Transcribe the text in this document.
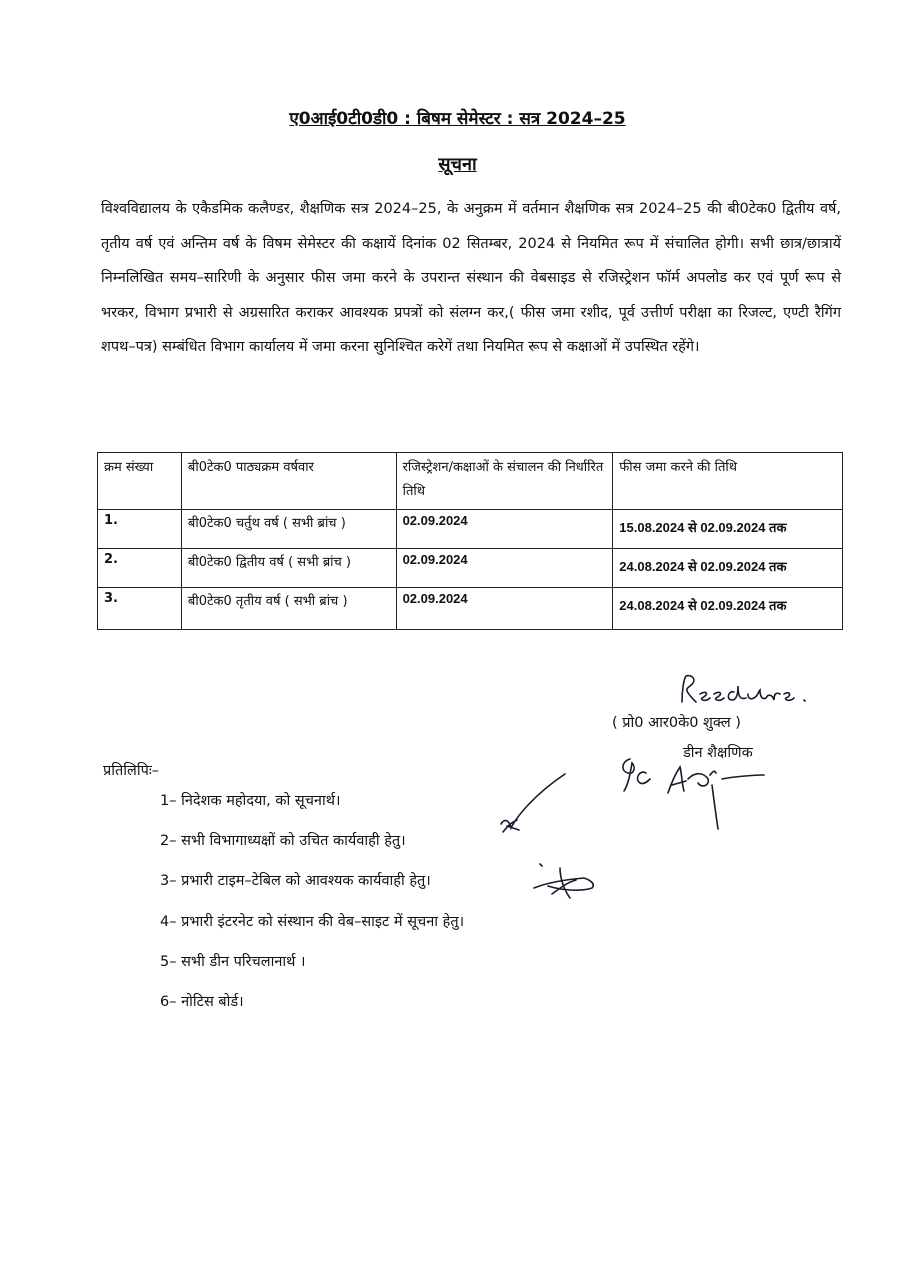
ए0आई0टी0डी0 : बिषम सेमेस्टर : सत्र 2024–25
सूचना
विश्वविद्यालय के एकैडमिक कलैण्डर, शैक्षणिक सत्र 2024–25, के अनुक्रम में वर्तमान शैक्षणिक सत्र 2024–25 की बी0टेक0 द्वितीय वर्ष, तृतीय वर्ष एवं अन्तिम वर्ष के विषम सेमेस्टर की कक्षायें दिनांक 02 सितम्बर, 2024 से नियमित रूप में संचालित होगी। सभी छात्र/छात्रायें निम्नलिखित समय–सारिणी के अनुसार फीस जमा करने के उपरान्त संस्थान की वेबसाइड से रजिस्ट्रेशन फॉर्म अपलोड कर एवं पूर्ण रूप से भरकर, विभाग प्रभारी से अग्रसारित कराकर आवश्यक प्रपत्रों को संलग्न कर,( फीस जमा रशीद, पूर्व उत्तीर्ण परीक्षा का रिजल्ट, एण्टी रैगिंग शपथ–पत्र) सम्बंधित विभाग कार्यालय में जमा करना सुनिश्चित करेगें तथा नियमित रूप से कक्षाओं में उपस्थित रहेंगे।
क्रम संख्या	बी0टेक0 पाठ्यक्रम वर्षवार	रजिस्ट्रेशन/कक्षाओं के संचालन की निर्धारित तिथि	फीस जमा करने की तिथि
1.	बी0टेक0 चर्तुथ वर्ष ( सभी ब्रांच )	02.09.2024	15.08.2024 से 02.09.2024 तक
2.	बी0टेक0 द्वितीय वर्ष ( सभी ब्रांच )	02.09.2024	24.08.2024 से 02.09.2024 तक
3.	बी0टेक0 तृतीय वर्ष ( सभी ब्रांच )	02.09.2024	24.08.2024 से 02.09.2024 तक
( प्रो0 आर0के0 शुक्ल )
डीन शैक्षणिक
प्रतिलिपिः–
1– निदेशक महोदया, को सूचनार्थ।
2– सभी विभागाध्यक्षों को उचित कार्यवाही हेतु।
3– प्रभारी टाइम–टेबिल को आवश्यक कार्यवाही हेतु।
4– प्रभारी इंटरनेट को संस्थान की वेब–साइट में सूचना हेतु।
5– सभी डीन परिचलानार्थ ।
6– नोटिस बोर्ड।
